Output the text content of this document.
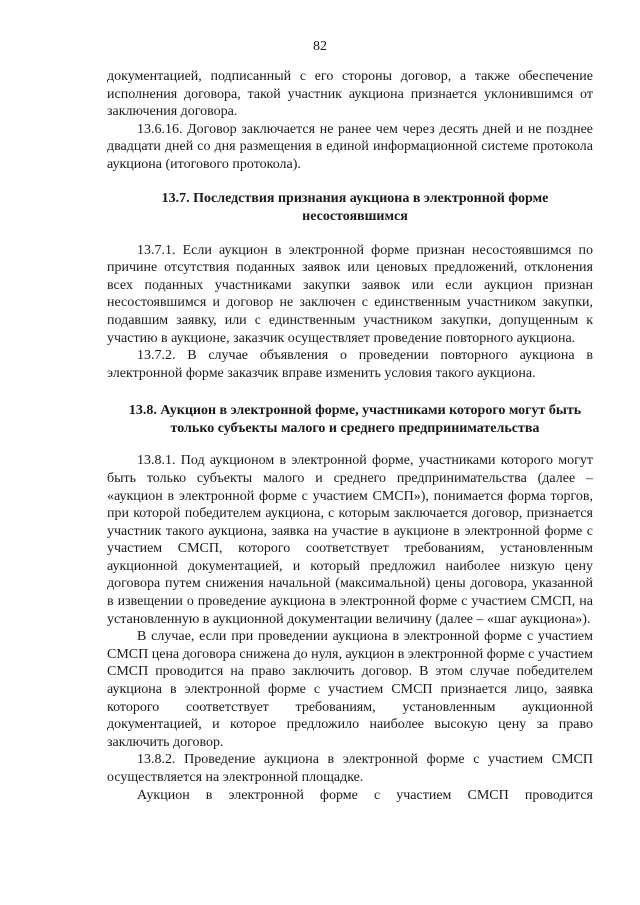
82

документацией, подписанный с его стороны договор, а также обеспечение исполнения договора, такой участник аукциона признается уклонившимся от заключения договора.

13.6.16. Договор заключается не ранее чем через десять дней и не позднее двадцати дней со дня размещения в единой информационной системе протокола аукциона (итогового протокола).

13.7. Последствия признания аукциона в электронной форме несостоявшимся

13.7.1. Если аукцион в электронной форме признан несостоявшимся по причине отсутствия поданных заявок или ценовых предложений, отклонения всех поданных участниками закупки заявок или если аукцион признан несостоявшимся и договор не заключен с единственным участником закупки, подавшим заявку, или с единственным участником закупки, допущенным к участию в аукционе, заказчик осуществляет проведение повторного аукциона.

13.7.2. В случае объявления о проведении повторного аукциона в электронной форме заказчик вправе изменить условия такого аукциона.

13.8. Аукцион в электронной форме, участниками которого могут быть только субъекты малого и среднего предпринимательства

13.8.1. Под аукционом в электронной форме, участниками которого могут быть только субъекты малого и среднего предпринимательства (далее – «аукцион в электронной форме с участием СМСП»), понимается форма торгов, при которой победителем аукциона, с которым заключается договор, признается участник такого аукциона, заявка на участие в аукционе в электронной форме с участием СМСП, которого соответствует требованиям, установленным аукционной документацией, и который предложил наиболее низкую цену договора путем снижения начальной (максимальной) цены договора, указанной в извещении о проведение аукциона в электронной форме с участием СМСП, на установленную в аукционной документации величину (далее – «шаг аукциона»).

В случае, если при проведении аукциона в электронной форме с участием СМСП цена договора снижена до нуля, аукцион в электронной форме с участием СМСП проводится на право заключить договор. В этом случае победителем аукциона в электронной форме с участием СМСП признается лицо, заявка которого соответствует требованиям, установленным аукционной документацией, и которое предложило наиболее высокую цену за право заключить договор.

13.8.2. Проведение аукциона в электронной форме с участием СМСП осуществляется на электронной площадке.

Аукцион в электронной форме с участием СМСП проводится
